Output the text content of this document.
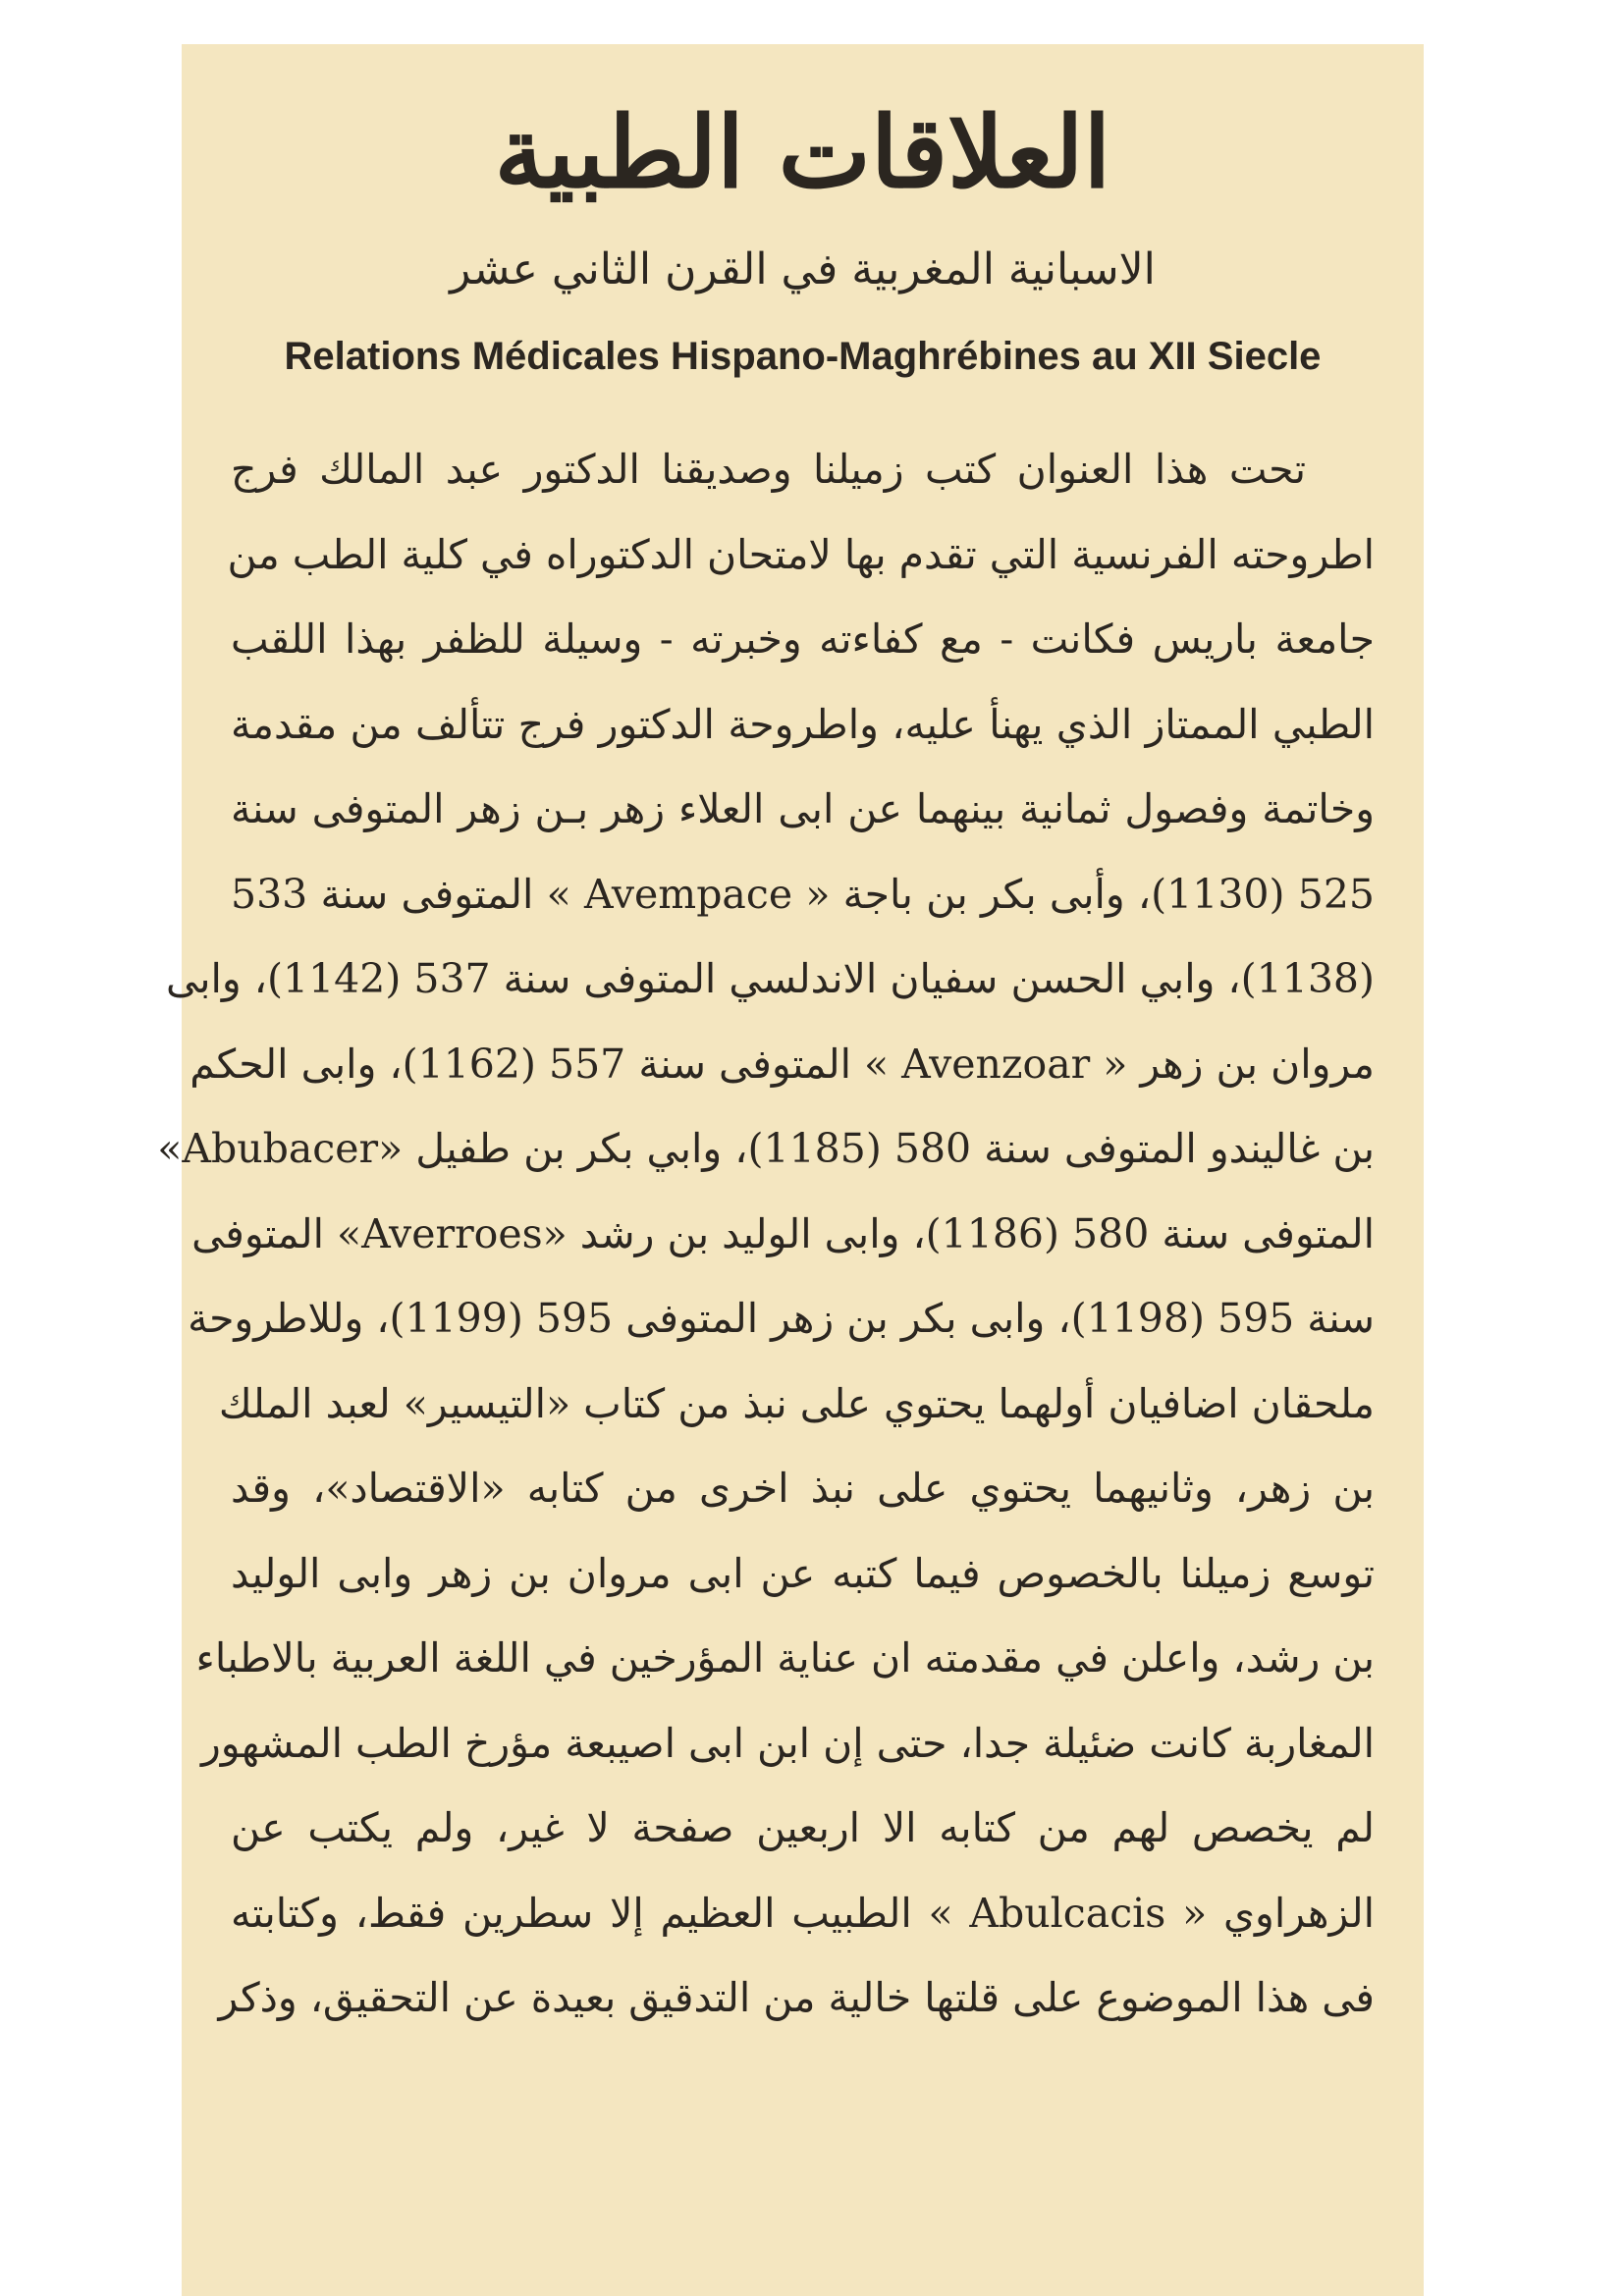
العلاقات الطبية
الاسبانية المغربية في القرن الثاني عشر
Relations Médicales Hispano-Maghrébines au XII Siecle
تحت هذا العنوان كتب زميلنا وصديقنا الدكتور عبد المالك فرج
اطروحته الفرنسية التي تقدم بها لامتحان الدكتوراه في كلية الطب من
جامعة باريس فكانت - مع كفاءته وخبرته - وسيلة للظفر بهذا اللقب
الطبي الممتاز الذي يهنأ عليه، واطروحة الدكتور فرج تتألف من مقدمة
وخاتمة وفصول ثمانية بينهما عن ابى العلاء زهر بـن زهر المتوفى سنة
525 (1130)، وأبى بكر بن باجة « Avempace » المتوفى سنة 533
(1138)، وابي الحسن سفيان الاندلسي المتوفى سنة 537 (1142)، وابى
مروان بن زهر « Avenzoar » المتوفى سنة 557 (1162)، وابى الحكم
بن غاليندو المتوفى سنة 580 (1185)، وابي بكر بن طفيل «Abubacer»
المتوفى سنة 580 (1186)، وابى الوليد بن رشد «Averroes» المتوفى
سنة 595 (1198)، وابى بكر بن زهر المتوفى 595 (1199)، وللاطروحة
ملحقان اضافيان أولهما يحتوي على نبذ من كتاب «التيسير» لعبد الملك
بن زهر، وثانيهما يحتوي على نبذ اخرى من كتابه «الاقتصاد»، وقد
توسع زميلنا بالخصوص فيما كتبه عن ابى مروان بن زهر وابى الوليد
بن رشد، واعلن في مقدمته ان عناية المؤرخين في اللغة العربية بالاطباء
المغاربة كانت ضئيلة جدا، حتى إن ابن ابى اصيبعة مؤرخ الطب المشهور
لم يخصص لهم من كتابه الا اربعين صفحة لا غير، ولم يكتب عن
الزهراوي « Abulcacis » الطبيب العظيم إلا سطرين فقط، وكتابته
فى هذا الموضوع على قلتها خالية من التدقيق بعيدة عن التحقيق، وذكر
